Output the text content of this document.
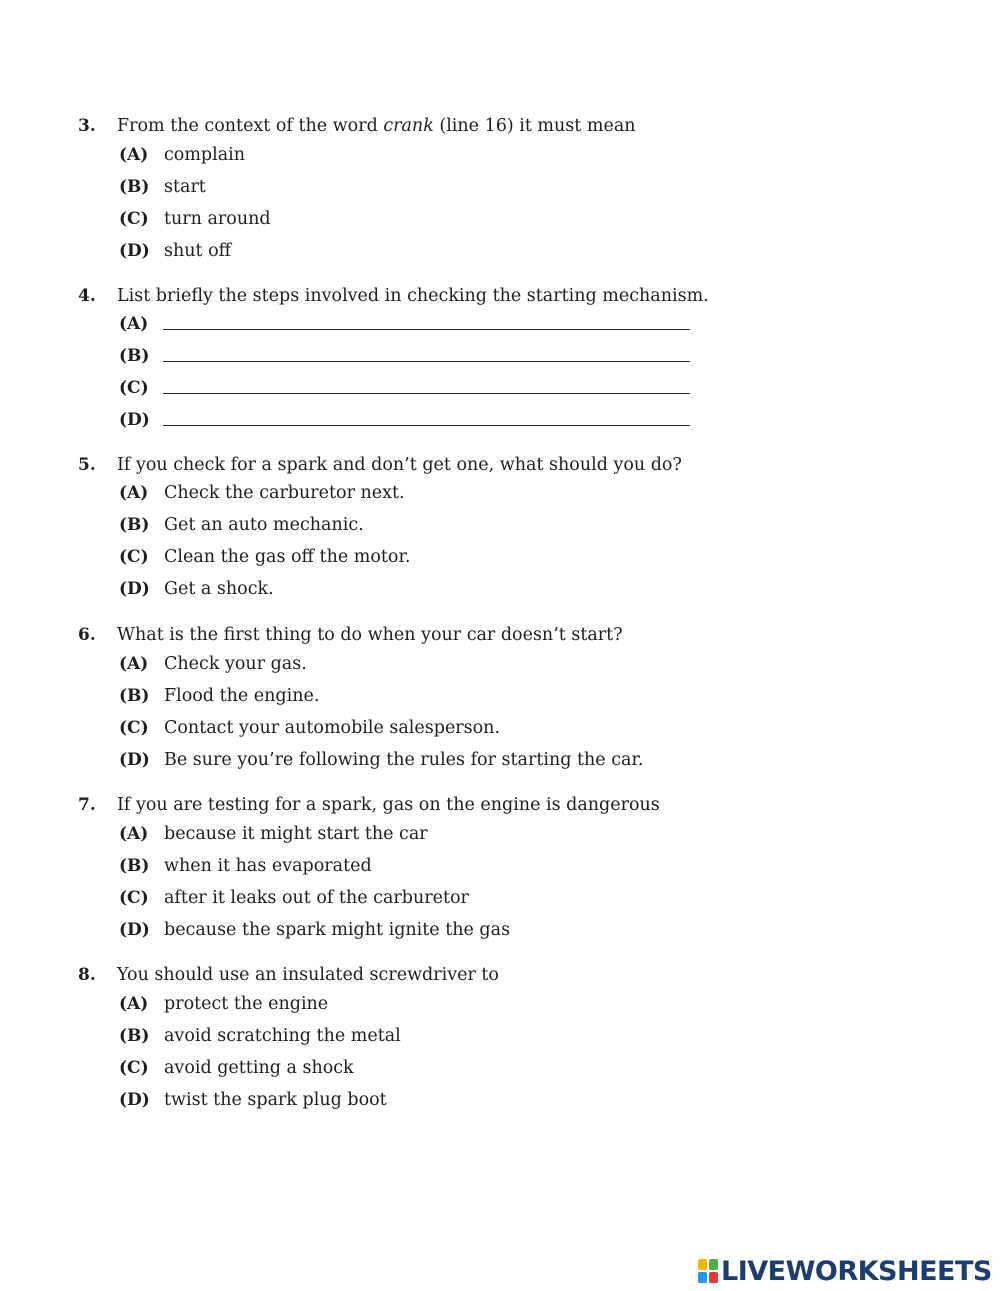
3. From the context of the word crank (line 16) it must mean
(A) complain
(B) start
(C) turn around
(D) shut off
4. List briefly the steps involved in checking the starting mechanism.
(A)
(B)
(C)
(D)
5. If you check for a spark and don’t get one, what should you do?
(A) Check the carburetor next.
(B) Get an auto mechanic.
(C) Clean the gas off the motor.
(D) Get a shock.
6. What is the first thing to do when your car doesn’t start?
(A) Check your gas.
(B) Flood the engine.
(C) Contact your automobile salesperson.
(D) Be sure you’re following the rules for starting the car.
7. If you are testing for a spark, gas on the engine is dangerous
(A) because it might start the car
(B) when it has evaporated
(C) after it leaks out of the carburetor
(D) because the spark might ignite the gas
8. You should use an insulated screwdriver to
(A) protect the engine
(B) avoid scratching the metal
(C) avoid getting a shock
(D) twist the spark plug boot
LIVEWORKSHEETS
